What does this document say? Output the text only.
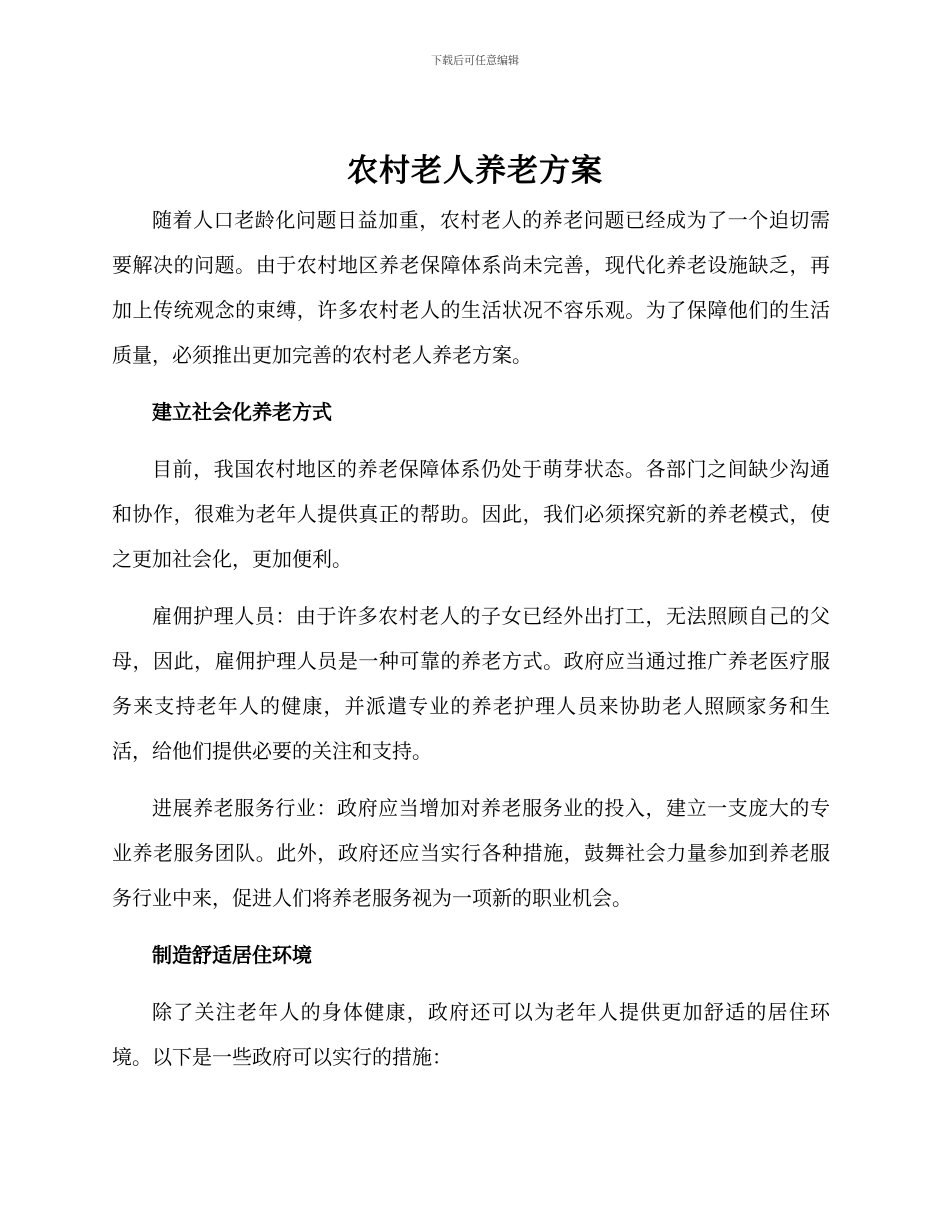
下载后可任意编辑
农村老人养老方案

随着人口老龄化问题日益加重，农村老人的养老问题已经成为了一个迫切需要解决的问题。由于农村地区养老保障体系尚未完善，现代化养老设施缺乏，再加上传统观念的束缚，许多农村老人的生活状况不容乐观。为了保障他们的生活质量，必须推出更加完善的农村老人养老方案。

建立社会化养老方式

目前，我国农村地区的养老保障体系仍处于萌芽状态。各部门之间缺少沟通和协作，很难为老年人提供真正的帮助。因此，我们必须探究新的养老模式，使之更加社会化，更加便利。

雇佣护理人员：由于许多农村老人的子女已经外出打工，无法照顾自己的父母，因此，雇佣护理人员是一种可靠的养老方式。政府应当通过推广养老医疗服务来支持老年人的健康，并派遣专业的养老护理人员来协助老人照顾家务和生活，给他们提供必要的关注和支持。

进展养老服务行业：政府应当增加对养老服务业的投入，建立一支庞大的专业养老服务团队。此外，政府还应当实行各种措施，鼓舞社会力量参加到养老服务行业中来，促进人们将养老服务视为一项新的职业机会。

制造舒适居住环境

除了关注老年人的身体健康，政府还可以为老年人提供更加舒适的居住环境。以下是一些政府可以实行的措施：
